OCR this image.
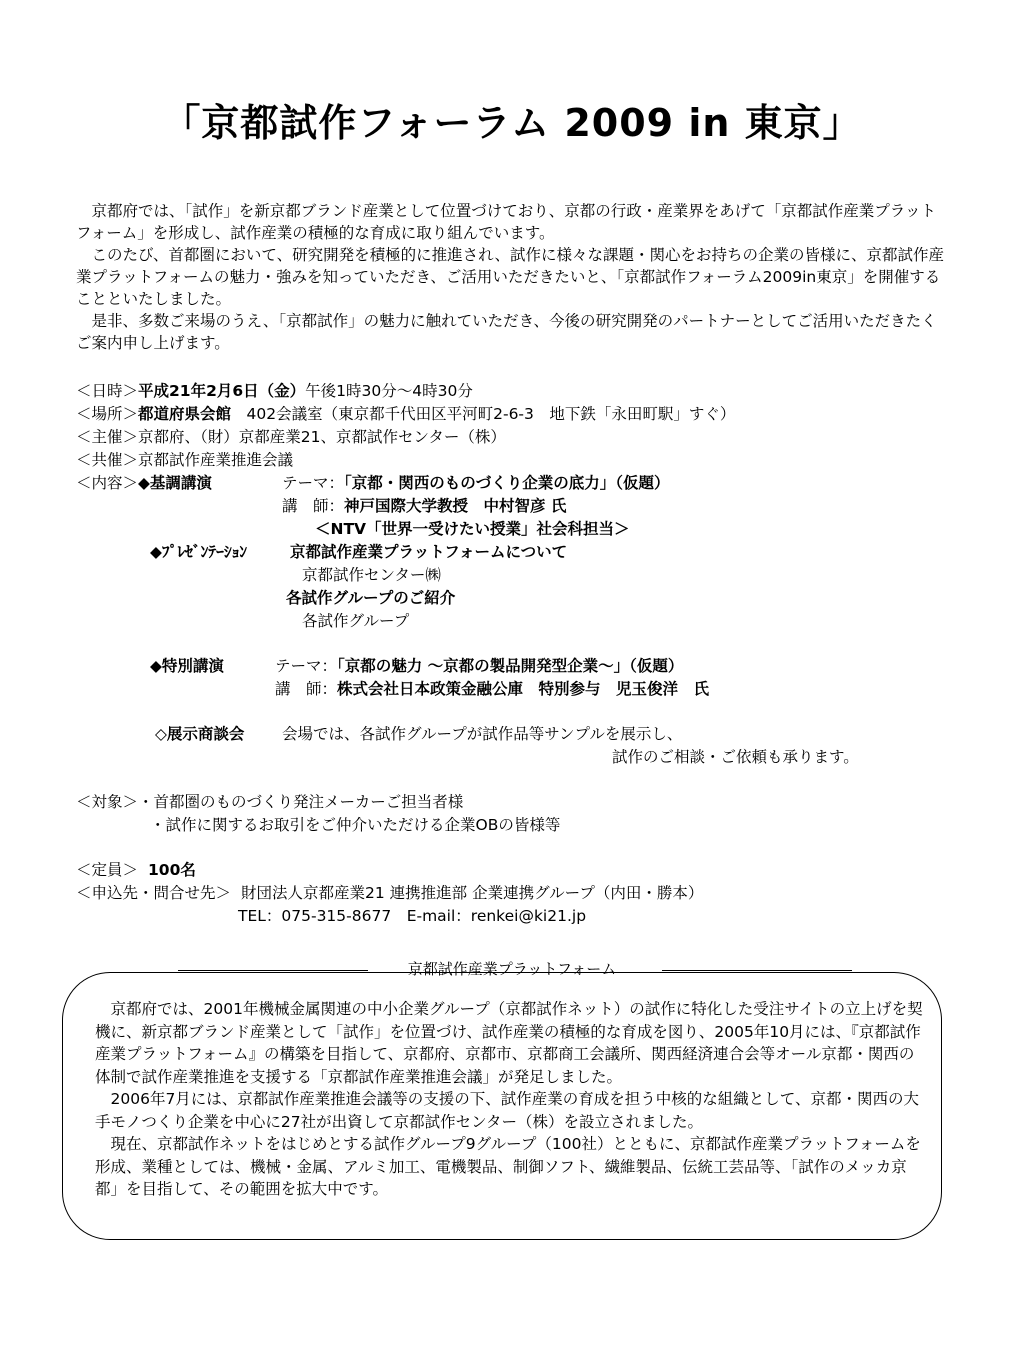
「京都試作フォーラム 2009 in 東京」

京都府では、「試作」を新京都ブランド産業として位置づけており、京都の行政・産業界をあげて「京都試作産業プラットフォーム」を形成し、試作産業の積極的な育成に取り組んでいます。

このたび、首都圏において、研究開発を積極的に推進され、試作に様々な課題・関心をお持ちの企業の皆様に、京都試作産業プラットフォームの魅力・強みを知っていただき、ご活用いただきたいと、「京都試作フォーラム2009in東京」を開催することといたしました。

是非、多数ご来場のうえ、「京都試作」の魅力に触れていただき、今後の研究開発のパートナーとしてご活用いただきたくご案内申し上げます。

＜日時＞平成21年2月6日（金）午後1時30分～4時30分
＜場所＞都道府県会館　402会議室（東京都千代田区平河町2-6-3　地下鉄「永田町駅」すぐ）
＜主催＞京都府、（財）京都産業21、京都試作センター（株）
＜共催＞京都試作産業推進会議
＜内容＞◆基調講演	テーマ：「京都・関西のものづくり企業の底力」（仮題）
講　師：神戸国際大学教授　中村智彦 氏
＜NTV「世界一受けたい授業」社会科担当＞
◆ﾌﾟﾚｾﾞﾝﾃｰｼｮﾝ	京都試作産業プラットフォームについて
京都試作センター㈱
各試作グループのご紹介
各試作グループ
◆特別講演	テーマ：「京都の魅力 ～京都の製品開発型企業～」（仮題）
講　師：株式会社日本政策金融公庫　特別参与　児玉俊洋　氏
◇展示商談会 会場では、各試作グループが試作品等サンプルを展示し、
試作のご相談・ご依頼も承ります。
＜対象＞・首都圏のものづくり発注メーカーご担当者様
・試作に関するお取引をご仲介いただける企業OBの皆様等
＜定員＞ 100名
＜申込先・問合せ先＞ 財団法人京都産業21 連携推進部 企業連携グループ（内田・勝本）
TEL：075-315-8677　E-mail：renkei@ki21.jp
京都試作産業プラットフォーム

京都府では、2001年機械金属関連の中小企業グループ（京都試作ネット）の試作に特化した受注サイトの立上げを契機に、新京都ブランド産業として「試作」を位置づけ、試作産業の積極的な育成を図り、2005年10月には、『京都試作産業プラットフォーム』の構築を目指して、京都府、京都市、京都商工会議所、関西経済連合会等オール京都・関西の体制で試作産業推進を支援する「京都試作産業推進会議」が発足しました。

2006年7月には、京都試作産業推進会議等の支援の下、試作産業の育成を担う中核的な組織として、京都・関西の大手モノつくり企業を中心に27社が出資して京都試作センター（株）を設立されました。

現在、京都試作ネットをはじめとする試作グループ9グループ（100社）とともに、京都試作産業プラットフォームを形成、業種としては、機械・金属、アルミ加工、電機製品、制御ソフト、繊維製品、伝統工芸品等、「試作のメッカ京都」を目指して、その範囲を拡大中です。
